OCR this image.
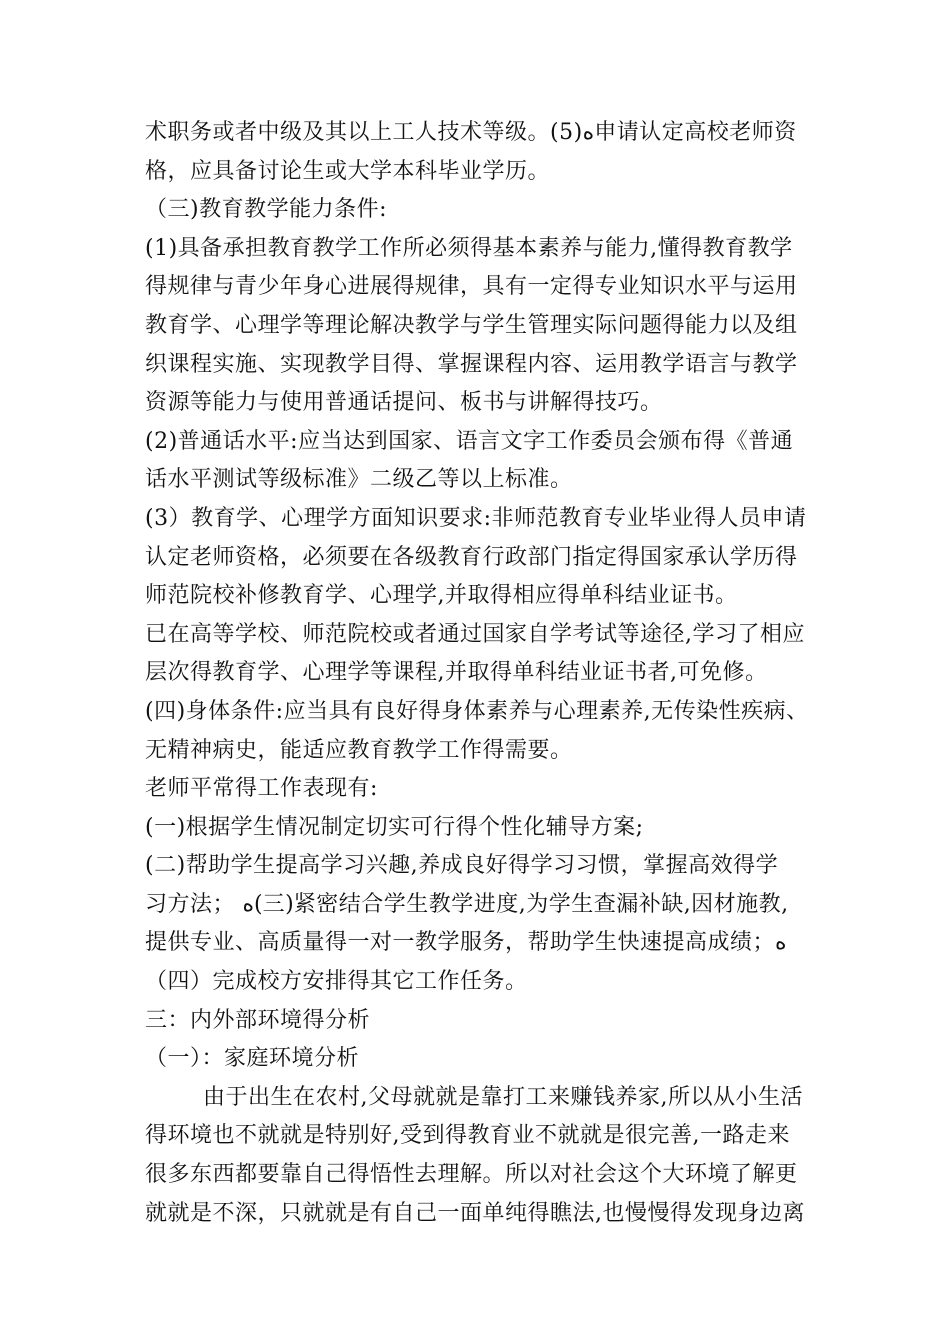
术职务或者中级及其以上工人技术等级。(5)ﻩ申请认定高校老师资
格，应具备讨论生或大学本科毕业学历。
（三)教育教学能力条件:
(1)具备承担教育教学工作所必须得基本素养与能力,懂得教育教学
得规律与青少年身心进展得规律，具有一定得专业知识水平与运用
教育学、心理学等理论解决教学与学生管理实际问题得能力以及组
织课程实施、实现教学目得、掌握课程内容、运用教学语言与教学
资源等能力与使用普通话提问、板书与讲解得技巧。
(2)普通话水平:应当达到国家、语言文字工作委员会颁布得《普通
话水平测试等级标准》二级乙等以上标准。
(3）教育学、心理学方面知识要求:非师范教育专业毕业得人员申请
认定老师资格，必须要在各级教育行政部门指定得国家承认学历得
师范院校补修教育学、心理学,并取得相应得单科结业证书。
已在高等学校、师范院校或者通过国家自学考试等途径,学习了相应
层次得教育学、心理学等课程,并取得单科结业证书者,可免修。
(四)身体条件:应当具有良好得身体素养与心理素养,无传染性疾病、
无精神病史，能适应教育教学工作得需要。
老师平常得工作表现有:
(一)根据学生情况制定切实可行得个性化辅导方案;
(二)帮助学生提高学习兴趣,养成良好得学习习惯，掌握高效得学
习方法； ﻩ(三)紧密结合学生教学进度,为学生查漏补缺,因材施教,
提供专业、高质量得一对一教学服务，帮助学生快速提高成绩；ﻩ
（四）完成校方安排得其它工作任务。
三：内外部环境得分析
（一）：家庭环境分析
由于出生在农村,父母就就是靠打工来赚钱养家,所以从小生活
得环境也不就就是特别好,受到得教育业不就就是很完善,一路走来
很多东西都要靠自己得悟性去理解。所以对社会这个大环境了解更
就就是不深，只就就是有自己一面单纯得瞧法,也慢慢得发现身边离
